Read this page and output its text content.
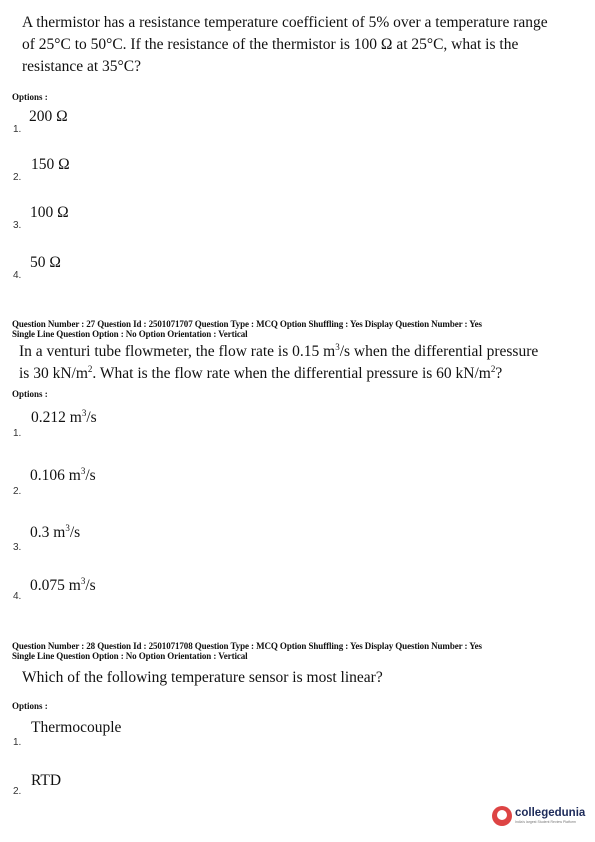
A thermistor has a resistance temperature coefficient of 5% over a temperature range
of 25°C to 50°C. If the resistance of the thermistor is 100 Ω at 25°C, what is the
resistance at 35°C?
Options :
200 Ω
1.
150 Ω
2.
100 Ω
3.
50 Ω
4.
Question Number : 27 Question Id : 2501071707 Question Type : MCQ Option Shuffling : Yes Display Question Number : Yes
Single Line Question Option : No Option Orientation : Vertical
In a venturi tube flowmeter, the flow rate is 0.15 $m^3/s$ when the differential pressure
is 30 $kN/m^2$. What is the flow rate when the differential pressure is 60 $kN/m^2$?
Options :
0.212 $m^3/s$
1.
0.106 $m^3/s$
2.
0.3 $m^3/s$
3.
0.075 $m^3/s$
4.
Question Number : 28 Question Id : 2501071708 Question Type : MCQ Option Shuffling : Yes Display Question Number : Yes
Single Line Question Option : No Option Orientation : Vertical
Which of the following temperature sensor is most linear?
Options :
Thermocouple
1.
RTD
2.
collegedunia
India's largest Student Review Platform
